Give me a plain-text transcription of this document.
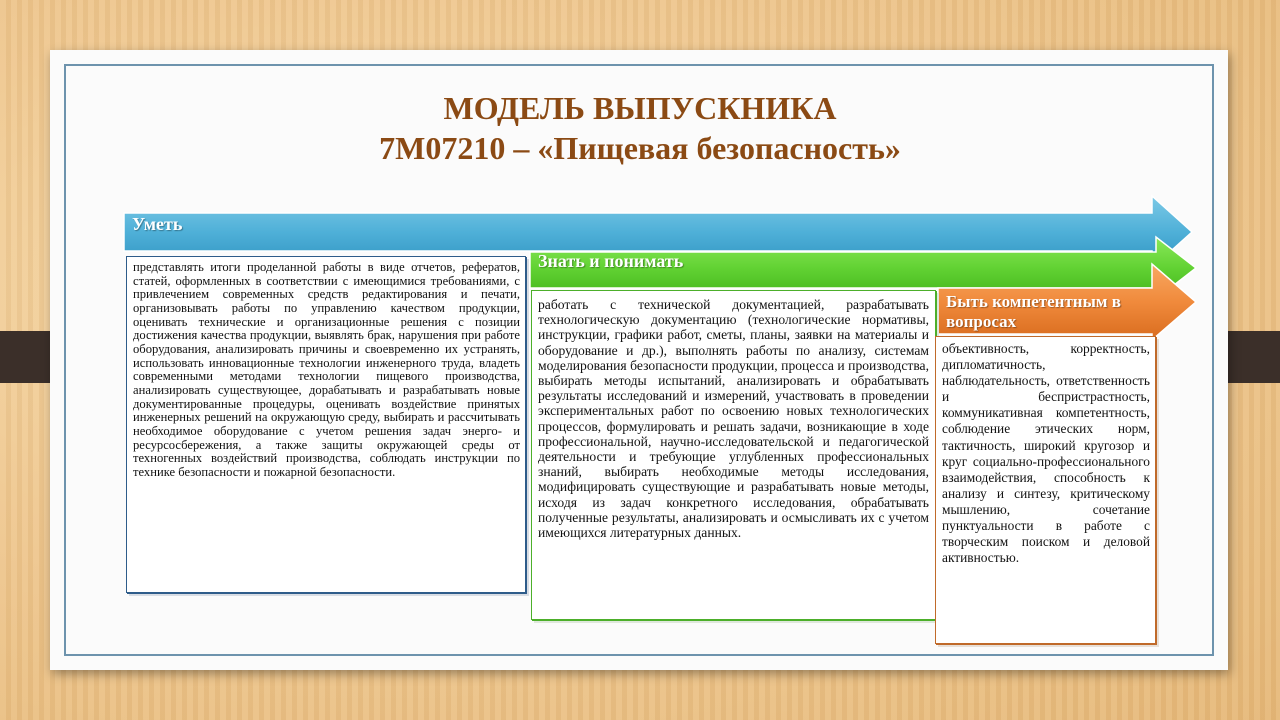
МОДЕЛЬ ВЫПУСКНИКА
7М07210 – «Пищевая безопасность»
Уметь
Знать и понимать
Быть компетентным в вопросах
представлять итоги проделанной работы в виде отчетов, рефератов, статей, оформленных в соответствии с имеющимися требованиями, с привлечением современных средств редактирования и печати, организовывать работы по управлению качеством продукции, оценивать технические и организационные решения с позиции достижения качества продукции, выявлять брак, нарушения при работе оборудования, анализировать причины и своевременно их устранять, использовать инновационные технологии инженерного труда, владеть современными методами технологии пищевого производства, анализировать существующее, дорабатывать и разрабатывать новые документированные процедуры, оценивать воздействие принятых инженерных решений на окружающую среду, выбирать и рассчитывать необходимое оборудование с учетом решения задач энерго- и ресурсосбережения, а также защиты окружающей среды от техногенных воздействий производства, соблюдать инструкции по технике безопасности и пожарной безопасности.
работать с технической документацией, разрабатывать технологическую документацию (технологические нормативы, инструкции, графики работ, сметы, планы, заявки на материалы и оборудование и др.), выполнять работы по анализу, системам моделирования безопасности продукции, процесса и производства, выбирать методы испытаний, анализировать и обрабатывать результаты исследований и измерений, участвовать в проведении экспериментальных работ по освоению новых технологических процессов, формулировать и решать задачи, возникающие в ходе профессиональной, научно-исследовательской и педагогической деятельности и требующие углубленных профессиональных знаний, выбирать необходимые методы исследования, модифицировать существующие и разрабатывать новые методы, исходя из задач конкретного исследования, обрабатывать полученные результаты, анализировать и осмысливать их с учетом имеющихся литературных данных.
объективность, корректность, дипломатичность, наблюдательность, ответственность и беспристрастность, коммуникативная компетентность, соблюдение этических норм, тактичность, широкий кругозор и круг социально-профессионального взаимодействия, способность к анализу и синтезу, критическому мышлению, сочетание пунктуальности в работе с творческим поиском и деловой активностью.
